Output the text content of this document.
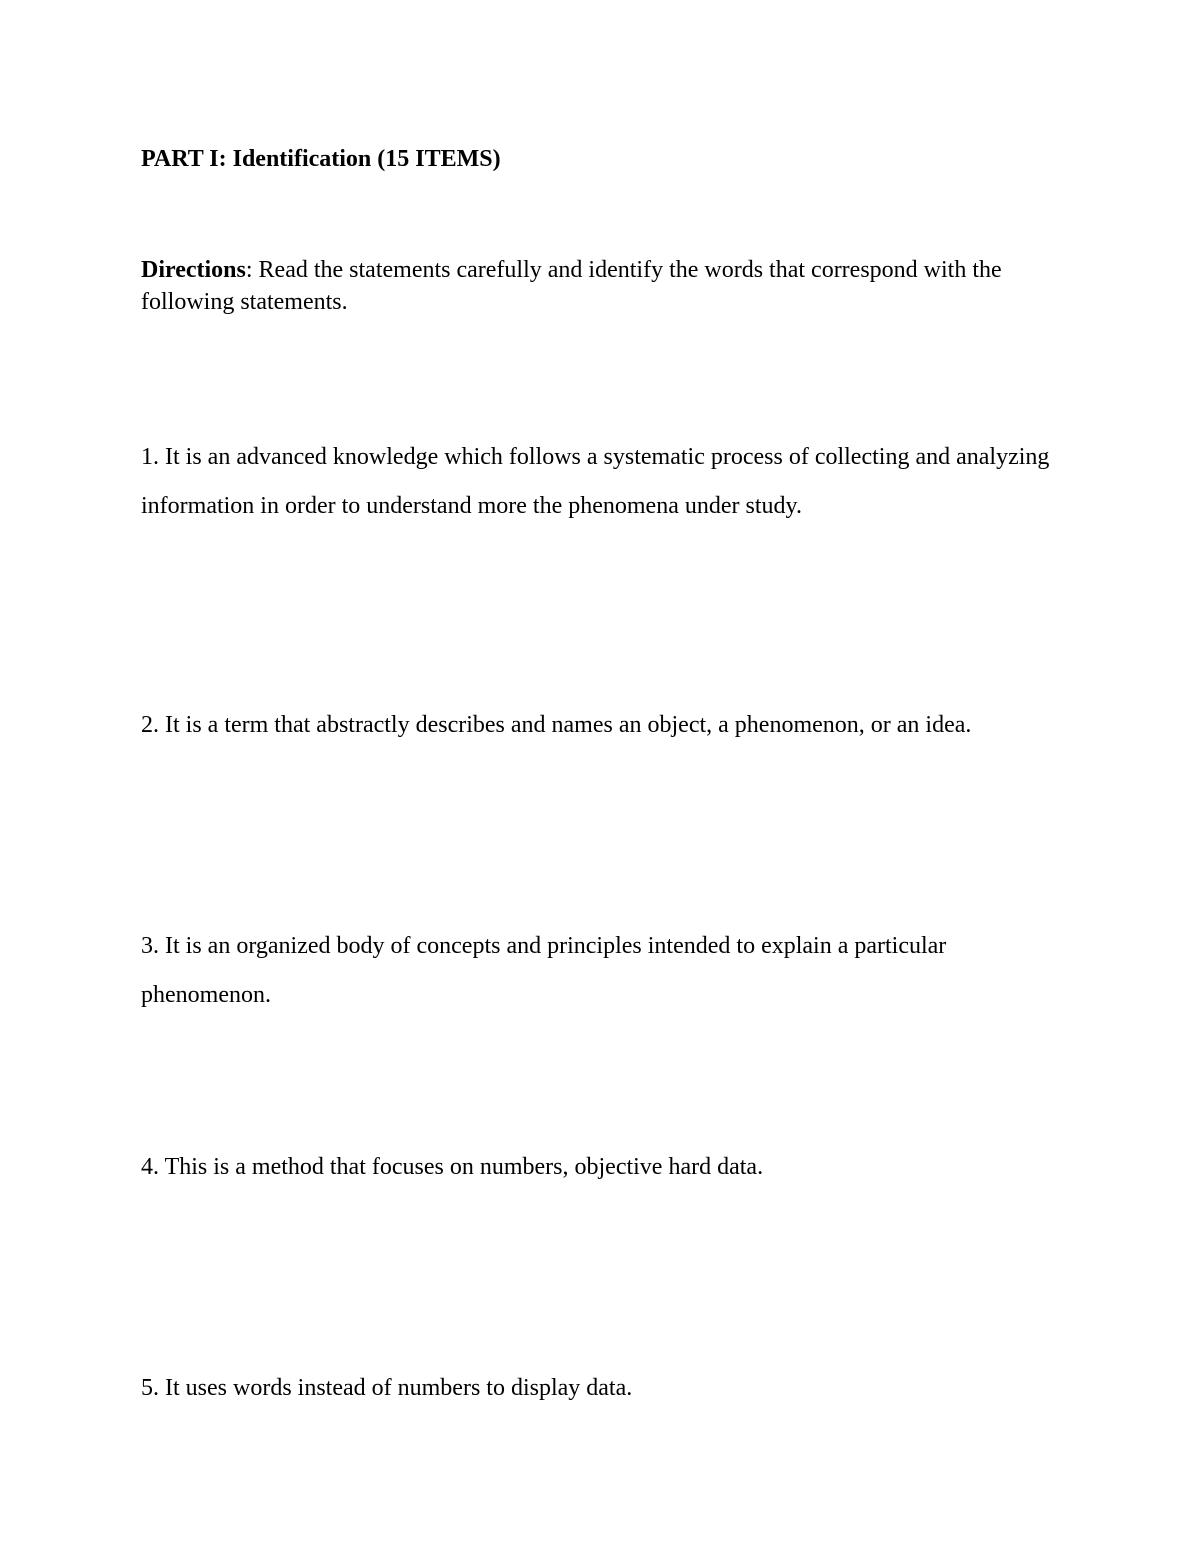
PART I: Identification (15 ITEMS)
Directions: Read the statements carefully and identify the words that correspond with the following statements.
1. It is an advanced knowledge which follows a systematic process of collecting and analyzing information in order to understand more the phenomena under study.
2. It is a term that abstractly describes and names an object, a phenomenon, or an idea.
3. It is an organized body of concepts and principles intended to explain a particular phenomenon.
4. This is a method that focuses on numbers, objective hard data.
5. It uses words instead of numbers to display data.
